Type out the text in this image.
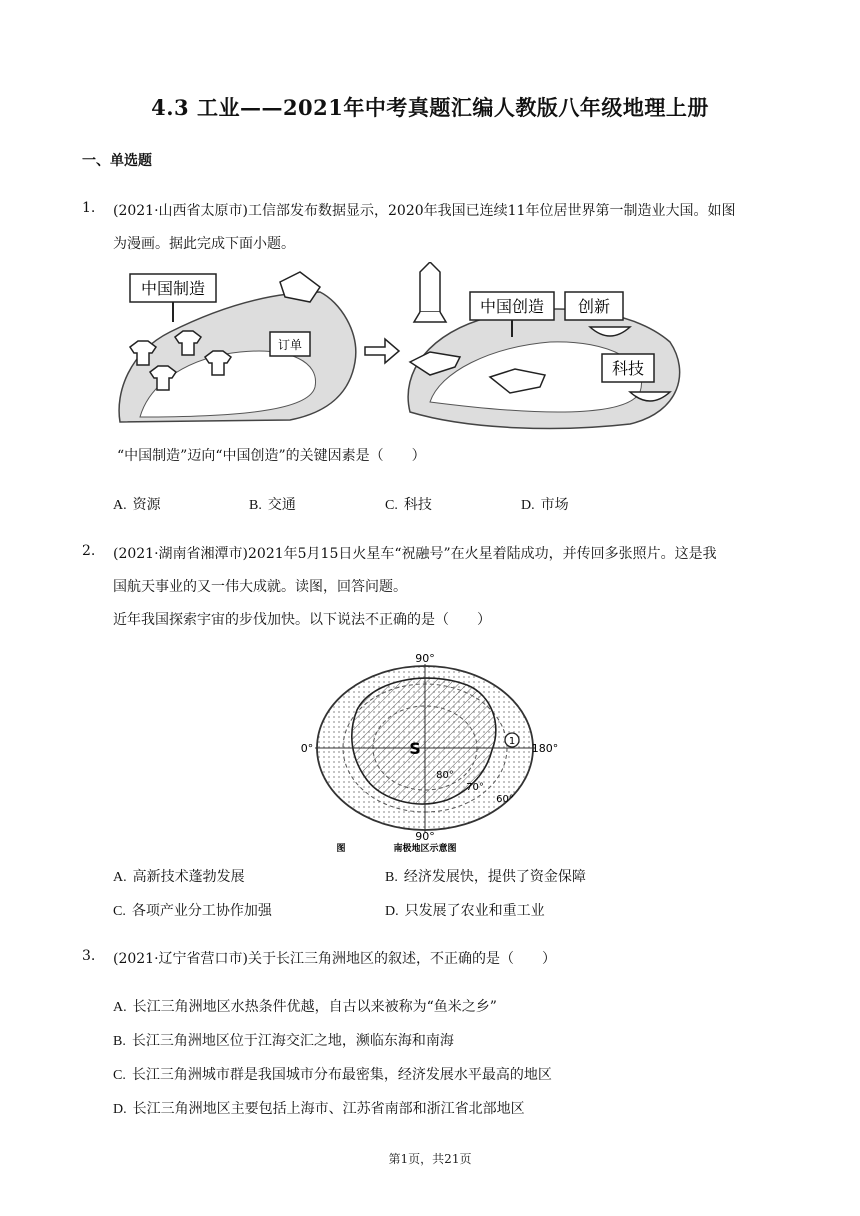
4.3 工业——2021年中考真题汇编人教版八年级地理上册
一、单选题
1. (2021·山西省太原市)工信部发布数据显示，2020年我国已连续11年位居世界第一制造业大国。如图
为漫画。据此完成下面小题。
中国制造
订单
中国创造 创新
科技
“中国制造”迈向“中国创造”的关键因素是（　　）
A. 资源	B. 交通	C. 科技	D. 市场
2. (2021·湖南省湘潭市)2021年5月15日火星车“祝融号”在火星着陆成功，并传回多张照片。这是我
国航天事业的又一伟大成就。读图，回答问题。
近年我国探索宇宙的步伐加快。以下说法不正确的是（　　）
1
90°
90°
0°	180°
S
80°
70°
60°
图	南极地区示意图
A. 高新技术蓬勃发展	B. 经济发展快，提供了资金保障
C. 各项产业分工协作加强	D. 只发展了农业和重工业
3. (2021·辽宁省营口市)关于长江三角洲地区的叙述，不正确的是（　　）
A. 长江三角洲地区水热条件优越，自古以来被称为“鱼米之乡”
B. 长江三角洲地区位于江海交汇之地，濒临东海和南海
C. 长江三角洲城市群是我国城市分布最密集，经济发展水平最高的地区
D. 长江三角洲地区主要包括上海市、江苏省南部和浙江省北部地区
第1页，共21页
